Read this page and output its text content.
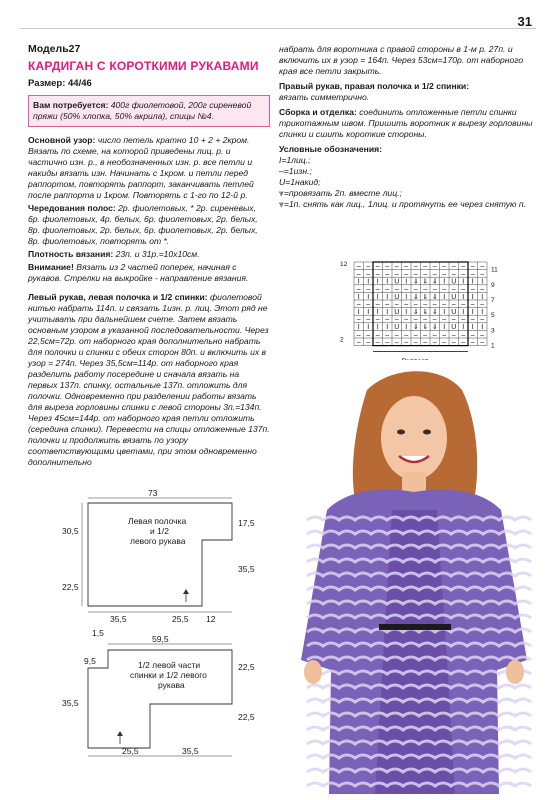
31
Модель27
КАРДИГАН С КОРОТКИМИ РУКАВАМИ
Размер: 44/46
Вам потребуется: 400г фиолетовой, 200г сиреневой пряжи (50% хлопка, 50% акрила), спицы №4.

Основной узор: число петель кратно 10 + 2 + 2кром. Вязать по схеме, на которой приведены лиц. р. и частично изн. р., в необозначенных изн. р. все петли и накиды вязать изн. Начинать с 1кром. и петли перед раппортом, повторять раппорт, заканчивать петлей после раппорта и 1кром. Повторять с 1-го по 12-й р.

Чередования полос: 2р. фиолетовых, * 2р. сиреневых, 6р. фиолетовых, 4р. белых, 6р. фиолетовых, 2р. белых, 8р. фиолетовых, 2р. белых, 6р. фиолетовых, 2р. белых, 8р. фиолетовых, повторять от *.

Плотность вязания: 23п. и 31р.=10х10см.

Внимание! Вязать из 2 частей поперек, начиная с рукавов. Стрелки на выкройке - направление вязания.

Левый рукав, левая полочка и 1/2 спинки: фиолетовой нитью набрать 114п. и связать 1изн. р. лиц. Этот ряд не учитывать при дальнейшем счете. Затем вязать основным узором в указанной последовательности. Через 22,5см=72р. от наборного края дополнительно набрать для полочки и спинки с обеих сторон 80п. и включить их в узор = 274п. Через 35,5см=114р. от наборного края разделить работу посередине и сначала вязать на первых 137п. спинку, остальные 137п. отложить для полочки. Одновременно при разделении работы вязать для выреза горловины спинки с левой стороны 3п.=134п. Через 45см=144р. от наборного края петли отложить (середина спинки). Перевести на спицы отложенные 137п. полочки и продолжить вязать по узору соответствующими цветами, при этом одновременно дополнительно

73
30,5
22,5
17,5
35,5
35,5	25,5 12
Левая полочка
и 1/2
левого рукава
1,5
59,5
9,5
35,5
22,5
22,5
25,5	35,5
1/2 левой части
спинки и 1/2 левого
рукава

набрать для воротника с правой стороны в 1-м р. 27п. и включить их в узор = 164п. Через 53см=170р. от наборного края все петли закрыть.

Правый рукав, правая полочка и 1/2 спинки:
вязать симметрично.

Сборка и отделка: соединить отложенные петли спинки трикотажным швом. Пришить воротник к вырезу горловины спинки и сшить короткие стороны.

Условные обозначения:
I=1лиц.;
–=1изн.;
U=1накид;
⩔=провязать 2п. вместе лиц.;
⩔=1п. снять как лиц., 1лиц. и протянуть ее через снятую п.
– – – – – – – – – – – – – –
– – – – – – – – – – – – – –
I I I I U I ⇓ ⇓ ⇓ I U I I I
– – – – – – – – – – – – – –
I I I I U I ⇓ ⇓ ⇓ I U I I I
– – – – – – – – – – – – – –
I I I I U I ⇓ ⇓ ⇓ I U I I I
– – – – – – – – – – – – – –
I I I I U I ⇓ ⇓ ⇓ I U I I I
– – – – – – – – – – – – – –
– – – – – – – – – – – – – –
11
9
7
5
3
1
12
2
